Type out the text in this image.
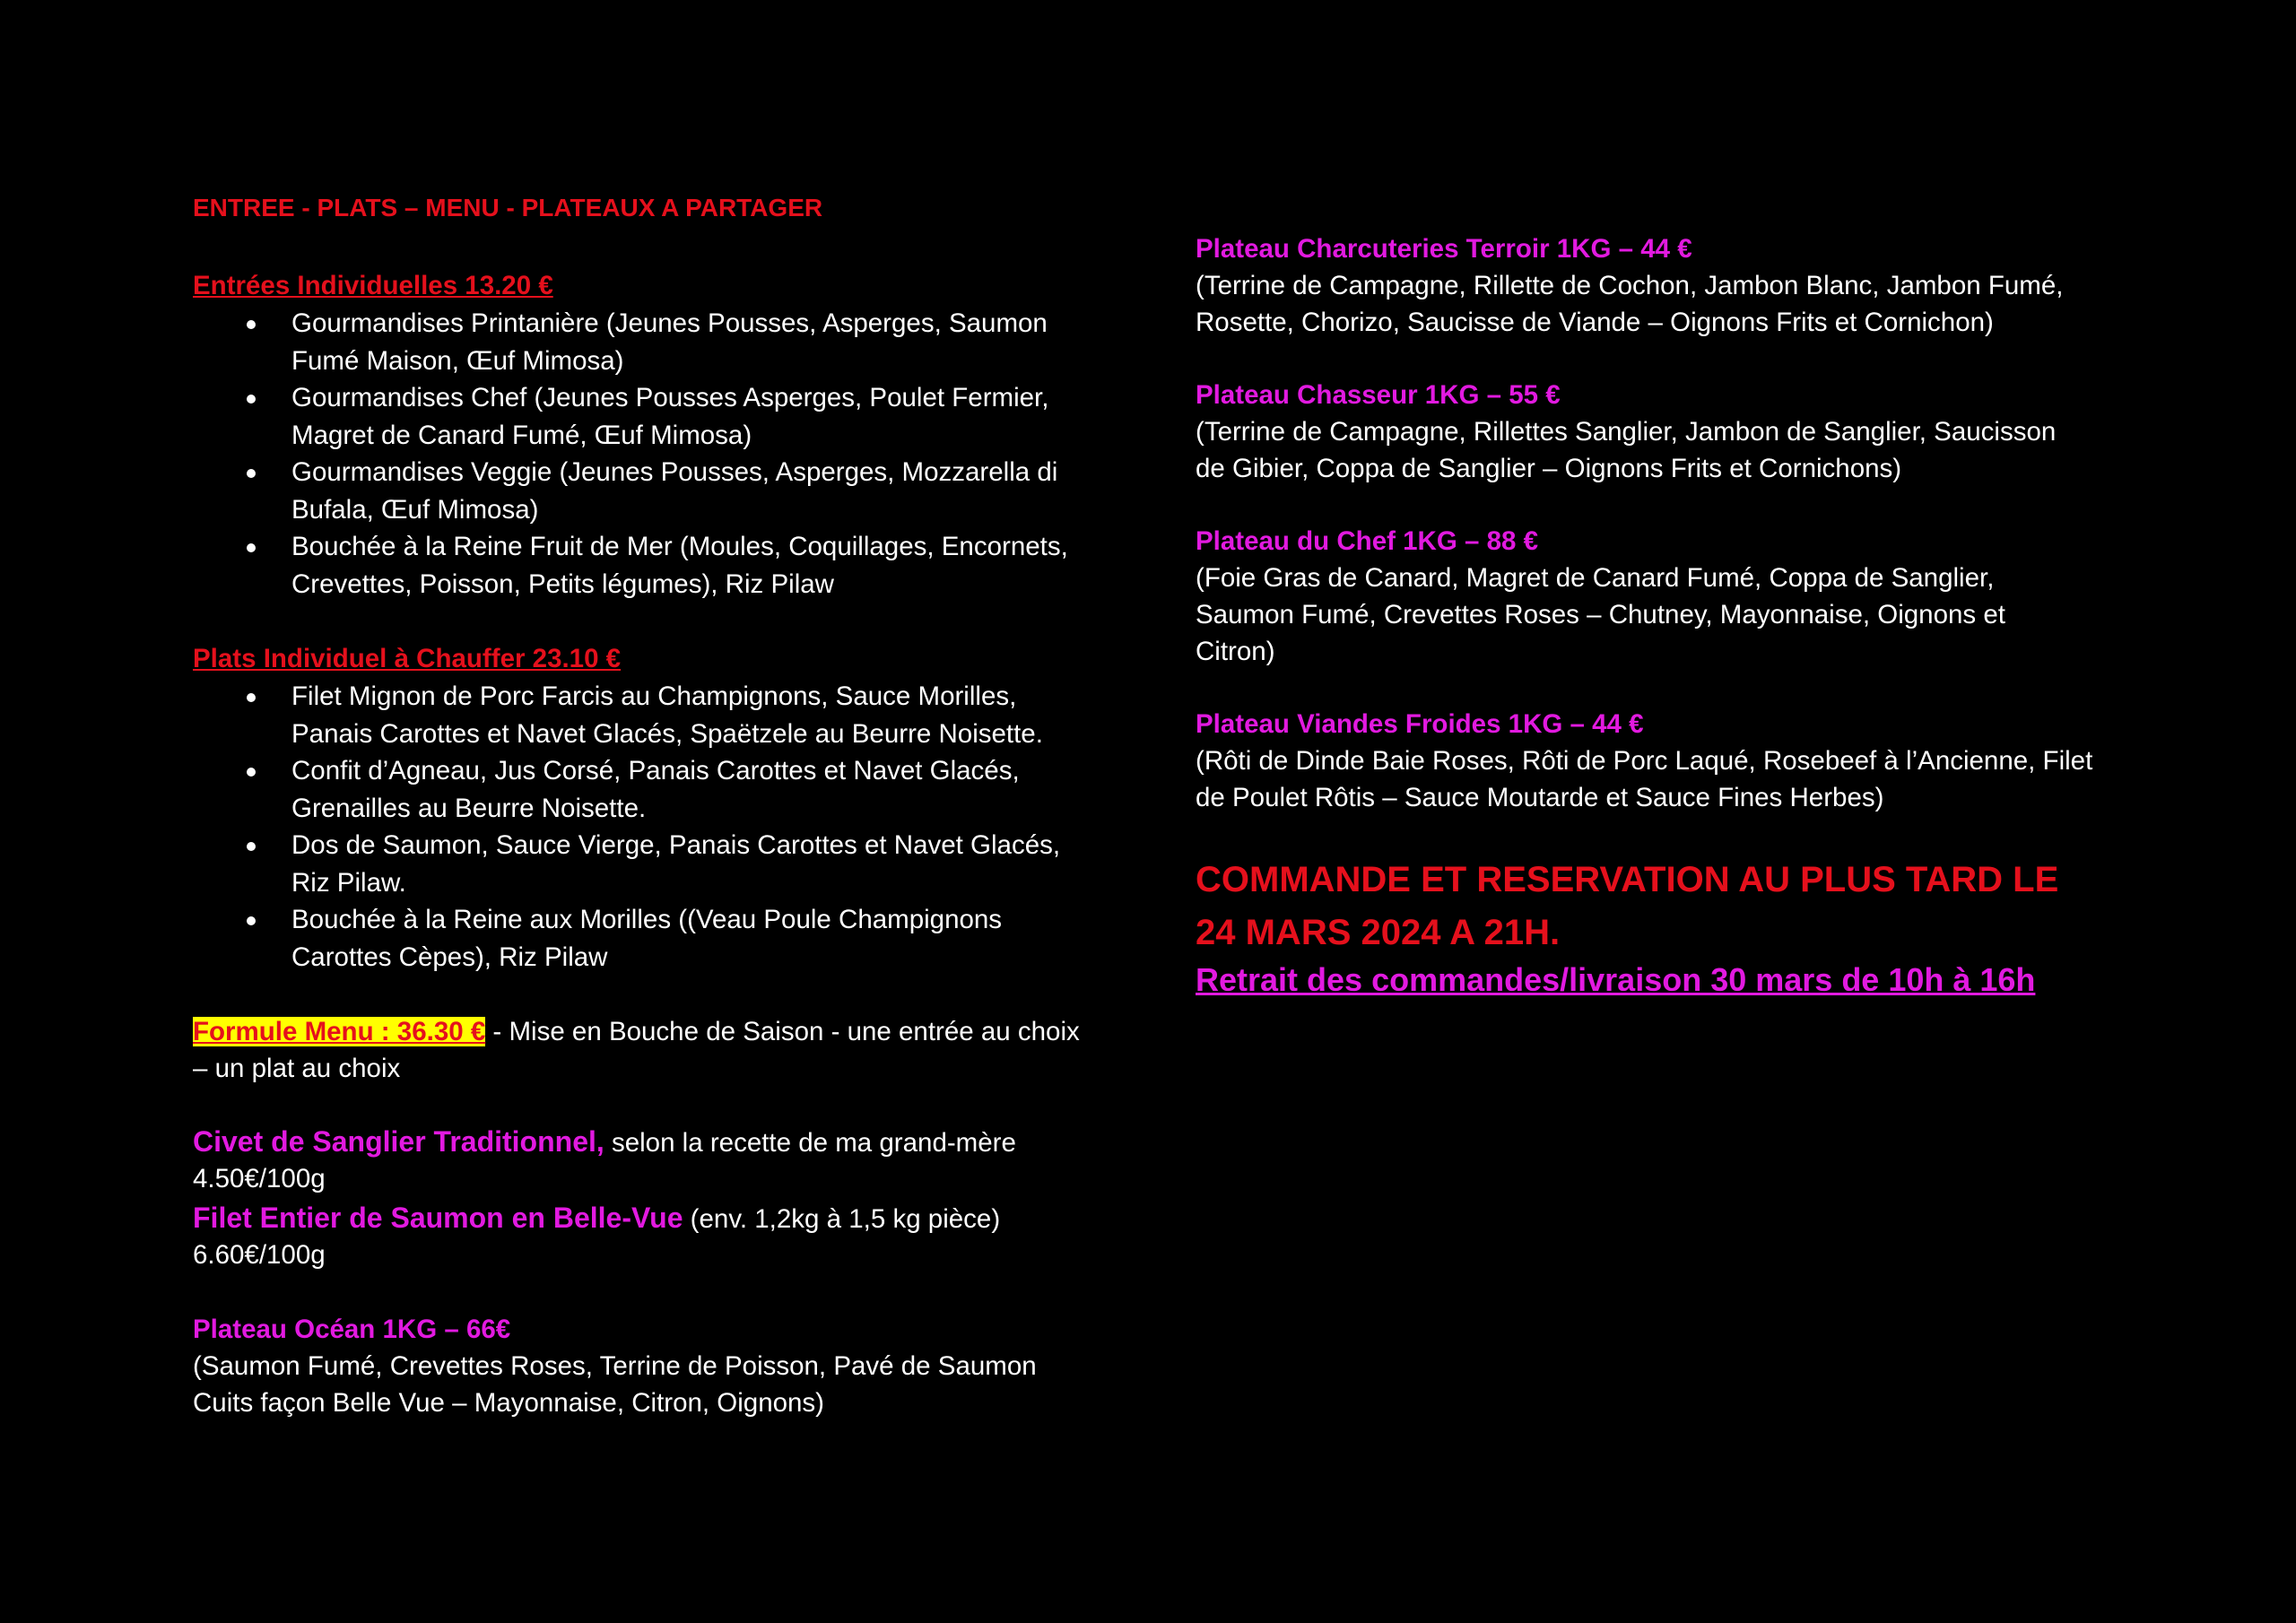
ENTREE - PLATS – MENU - PLATEAUX A PARTAGER
Entrées Individuelles 13.20 €
Gourmandises Printanière (Jeunes Pousses, Asperges, Saumon
Fumé Maison, Œuf Mimosa)
Gourmandises Chef (Jeunes Pousses Asperges, Poulet Fermier,
Magret de Canard Fumé, Œuf Mimosa)
Gourmandises Veggie (Jeunes Pousses, Asperges, Mozzarella di
Bufala, Œuf Mimosa)
Bouchée à la Reine Fruit de Mer (Moules, Coquillages, Encornets,
Crevettes, Poisson, Petits légumes), Riz Pilaw
Plats Individuel à Chauffer 23.10 €
Filet Mignon de Porc Farcis au Champignons, Sauce Morilles,
Panais Carottes et Navet Glacés, Spaëtzele au Beurre Noisette.
Confit d’Agneau, Jus Corsé, Panais Carottes et Navet Glacés,
Grenailles au Beurre Noisette.
Dos de Saumon, Sauce Vierge, Panais Carottes et Navet Glacés,
Riz Pilaw.
Bouchée à la Reine aux Morilles ((Veau Poule Champignons
Carottes Cèpes), Riz Pilaw
Formule Menu : 36.30 € - Mise en Bouche de Saison - une entrée au choix
– un plat au choix
Civet de Sanglier Traditionnel, selon la recette de ma grand-mère
4.50€/100g
Filet Entier de Saumon en Belle-Vue (env. 1,2kg à 1,5 kg pièce)
6.60€/100g
Plateau Océan 1KG – 66€
(Saumon Fumé, Crevettes Roses, Terrine de Poisson, Pavé de Saumon
Cuits façon Belle Vue – Mayonnaise, Citron, Oignons)
Plateau Charcuteries Terroir 1KG – 44 €
(Terrine de Campagne, Rillette de Cochon, Jambon Blanc, Jambon Fumé,
Rosette, Chorizo, Saucisse de Viande – Oignons Frits et Cornichon)
Plateau Chasseur 1KG – 55 €
(Terrine de Campagne, Rillettes Sanglier, Jambon de Sanglier, Saucisson
de Gibier, Coppa de Sanglier – Oignons Frits et Cornichons)
Plateau du Chef 1KG – 88 €
(Foie Gras de Canard, Magret de Canard Fumé, Coppa de Sanglier,
Saumon Fumé, Crevettes Roses – Chutney, Mayonnaise, Oignons et
Citron)
Plateau Viandes Froides 1KG – 44 €
(Rôti de Dinde Baie Roses, Rôti de Porc Laqué, Rosebeef à l’Ancienne, Filet
de Poulet Rôtis – Sauce Moutarde et Sauce Fines Herbes)
COMMANDE ET RESERVATION AU PLUS TARD LE
24 MARS 2024 A 21H.
Retrait des commandes/livraison 30 mars de 10h à 16h
